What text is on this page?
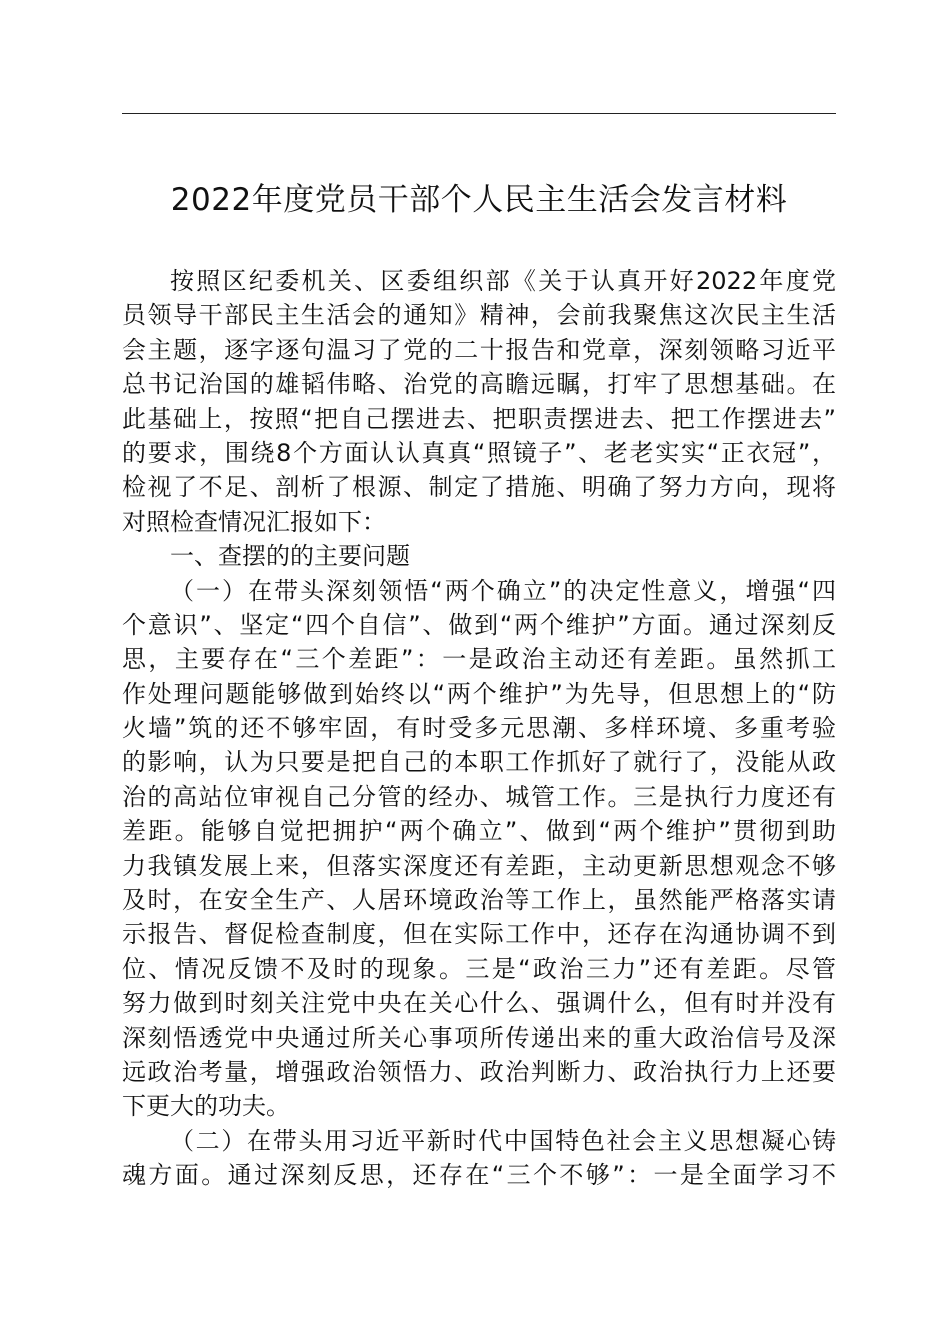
2022年度党员干部个人民主生活会发言材料
按照区纪委机关、区委组织部《关于认真开好2022年度党
员领导干部民主生活会的通知》精神，会前我聚焦这次民主生活
会主题，逐字逐句温习了党的二十报告和党章，深刻领略习近平
总书记治国的雄韬伟略、治党的高瞻远瞩，打牢了思想基础。在
此基础上，按照“把自己摆进去、把职责摆进去、把工作摆进去”
的要求，围绕8个方面认认真真“照镜子”、老老实实“正衣冠”，
检视了不足、剖析了根源、制定了措施、明确了努力方向，现将
对照检查情况汇报如下：
一、查摆的的主要问题
（一）在带头深刻领悟“两个确立”的决定性意义，增强“四
个意识”、坚定“四个自信”、做到“两个维护”方面。通过深刻反
思，主要存在“三个差距”：一是政治主动还有差距。虽然抓工
作处理问题能够做到始终以“两个维护”为先导，但思想上的“防
火墙”筑的还不够牢固，有时受多元思潮、多样环境、多重考验
的影响，认为只要是把自己的本职工作抓好了就行了，没能从政
治的高站位审视自己分管的经办、城管工作。三是执行力度还有
差距。能够自觉把拥护“两个确立”、做到“两个维护”贯彻到助
力我镇发展上来，但落实深度还有差距，主动更新思想观念不够
及时，在安全生产、人居环境政治等工作上，虽然能严格落实请
示报告、督促检查制度，但在实际工作中，还存在沟通协调不到
位、情况反馈不及时的现象。三是“政治三力”还有差距。尽管
努力做到时刻关注党中央在关心什么、强调什么，但有时并没有
深刻悟透党中央通过所关心事项所传递出来的重大政治信号及深
远政治考量，增强政治领悟力、政治判断力、政治执行力上还要
下更大的功夫。
（二）在带头用习近平新时代中国特色社会主义思想凝心铸
魂方面。通过深刻反思，还存在“三个不够”：一是全面学习不
